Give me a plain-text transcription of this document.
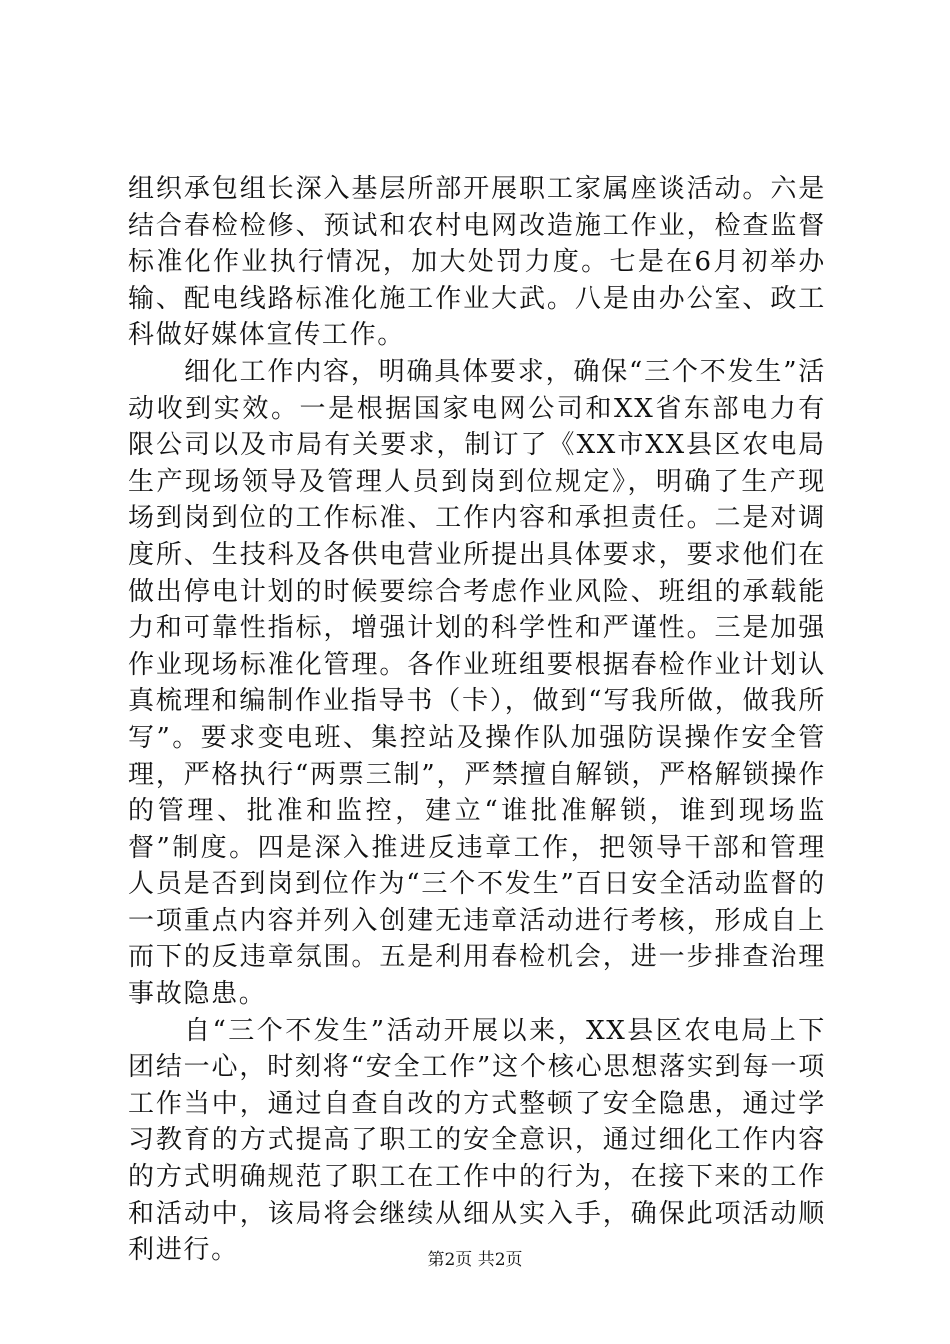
组织承包组长深入基层所部开展职工家属座谈活动。六是结合春检检修、预试和农村电网改造施工作业，检查监督标准化作业执行情况，加大处罚力度。七是在6月初举办输、配电线路标准化施工作业大武。八是由办公室、政工科做好媒体宣传工作。

细化工作内容，明确具体要求，确保“三个不发生”活动收到实效。一是根据国家电网公司和XX省东部电力有限公司以及市局有关要求，制订了《XX市XX县区农电局生产现场领导及管理人员到岗到位规定》，明确了生产现场到岗到位的工作标准、工作内容和承担责任。二是对调度所、生技科及各供电营业所提出具体要求，要求他们在做出停电计划的时候要综合考虑作业风险、班组的承载能力和可靠性指标，增强计划的科学性和严谨性。三是加强作业现场标准化管理。各作业班组要根据春检作业计划认真梳理和编制作业指导书（卡），做到“写我所做，做我所写”。要求变电班、集控站及操作队加强防误操作安全管理，严格执行“两票三制”，严禁擅自解锁，严格解锁操作的管理、批准和监控，建立“谁批准解锁，谁到现场监督”制度。四是深入推进反违章工作，把领导干部和管理人员是否到岗到位作为“三个不发生”百日安全活动监督的一项重点内容并列入创建无违章活动进行考核，形成自上而下的反违章氛围。五是利用春检机会，进一步排查治理事故隐患。

自“三个不发生”活动开展以来，XX县区农电局上下团结一心，时刻将“安全工作”这个核心思想落实到每一项工作当中，通过自查自改的方式整顿了安全隐患，通过学习教育的方式提高了职工的安全意识，通过细化工作内容的方式明确规范了职工在工作中的行为，在接下来的工作和活动中，该局将会继续从细从实入手，确保此项活动顺利进行。	第2页 共2页
